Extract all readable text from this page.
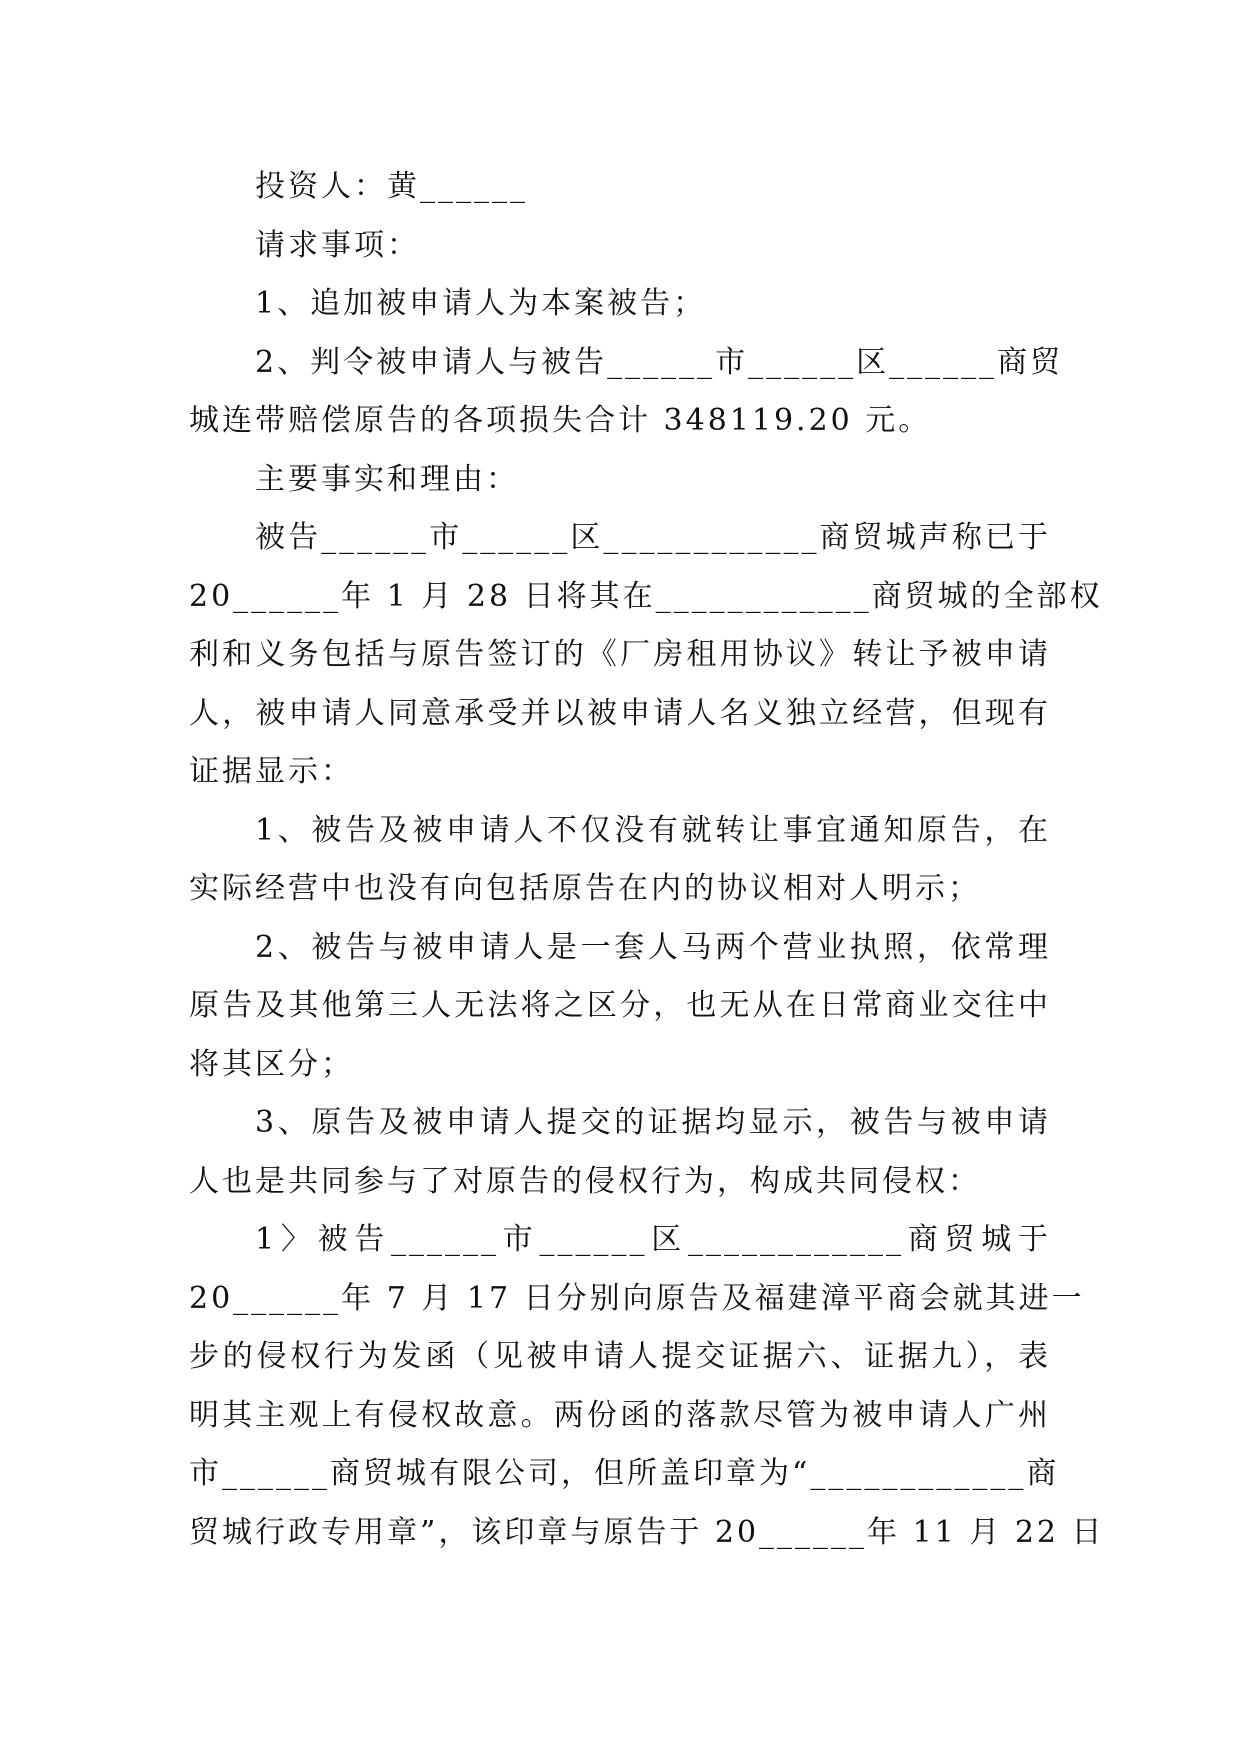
投资人：黄______

请求事项：

1、追加被申请人为本案被告；

2、判令被申请人与被告______市______区______商贸

城连带赔偿原告的各项损失合计 348119.20 元。

主要事实和理由：

被告______市______区____________商贸城声称已于

20______年 1 月 28 日将其在____________商贸城的全部权

利和义务包括与原告签订的《厂房租用协议》转让予被申请

人，被申请人同意承受并以被申请人名义独立经营，但现有

证据显示：

1、被告及被申请人不仅没有就转让事宜通知原告，在

实际经营中也没有向包括原告在内的协议相对人明示；

2、被告与被申请人是一套人马两个营业执照，依常理

原告及其他第三人无法将之区分，也无从在日常商业交往中

将其区分；

3、原告及被申请人提交的证据均显示，被告与被申请

人也是共同参与了对原告的侵权行为，构成共同侵权：

1〉被告______市______区____________商贸城于

20______年 7 月 17 日分别向原告及福建漳平商会就其进一

步的侵权行为发函（见被申请人提交证据六、证据九），表

明其主观上有侵权故意。两份函的落款尽管为被申请人广州

市______商贸城有限公司，但所盖印章为“____________商

贸城行政专用章”，该印章与原告于 20______年 11 月 22 日
